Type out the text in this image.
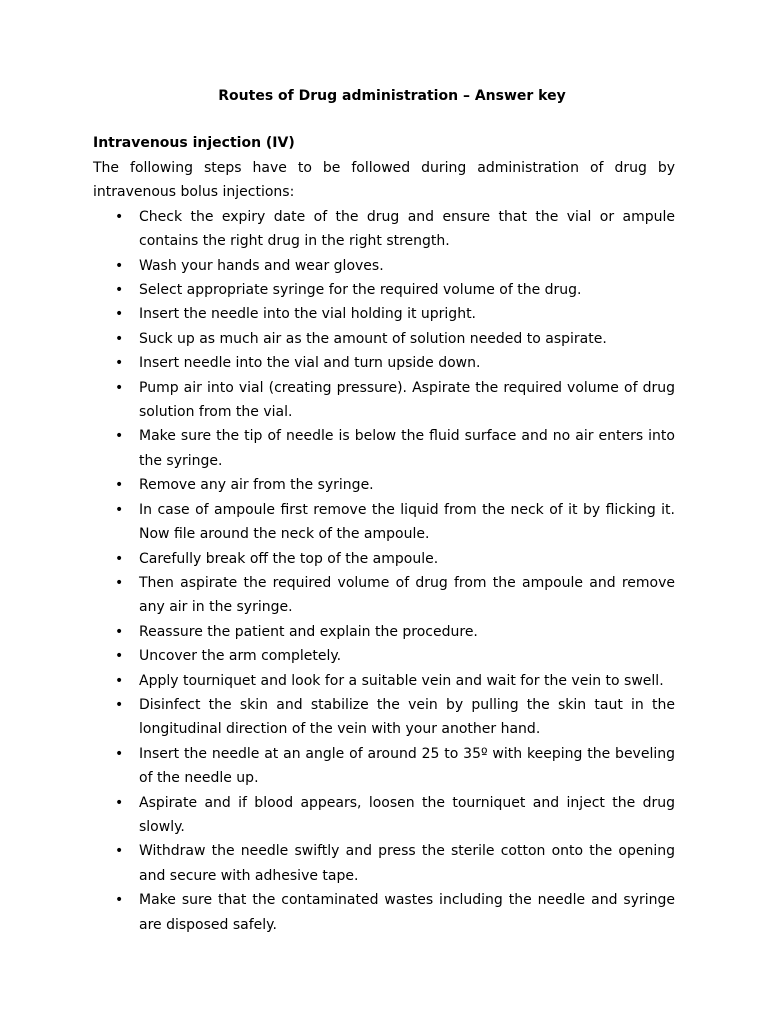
Routes of Drug administration – Answer key
Intravenous injection (IV)
The following steps have to be followed during administration of drug by intravenous bolus injections:
• Check the expiry date of the drug and ensure that the vial or ampule contains the right drug in the right strength.
• Wash your hands and wear gloves.
• Select appropriate syringe for the required volume of the drug.
• Insert the needle into the vial holding it upright.
• Suck up as much air as the amount of solution needed to aspirate.
• Insert needle into the vial and turn upside down.
• Pump air into vial (creating pressure). Aspirate the required volume of drug solution from the vial.
• Make sure the tip of needle is below the fluid surface and no air enters into the syringe.
• Remove any air from the syringe.
• In case of ampoule first remove the liquid from the neck of it by flicking it. Now file around the neck of the ampoule.
• Carefully break off the top of the ampoule.
• Then aspirate the required volume of drug from the ampoule and remove any air in the syringe.
• Reassure the patient and explain the procedure.
• Uncover the arm completely.
• Apply tourniquet and look for a suitable vein and wait for the vein to swell.
• Disinfect the skin and stabilize the vein by pulling the skin taut in the longitudinal direction of the vein with your another hand.
• Insert the needle at an angle of around 25 to 35º with keeping the beveling of the needle up.
• Aspirate and if blood appears, loosen the tourniquet and inject the drug slowly.
• Withdraw the needle swiftly and press the sterile cotton onto the opening and secure with adhesive tape.
• Make sure that the contaminated wastes including the needle and syringe are disposed safely.
